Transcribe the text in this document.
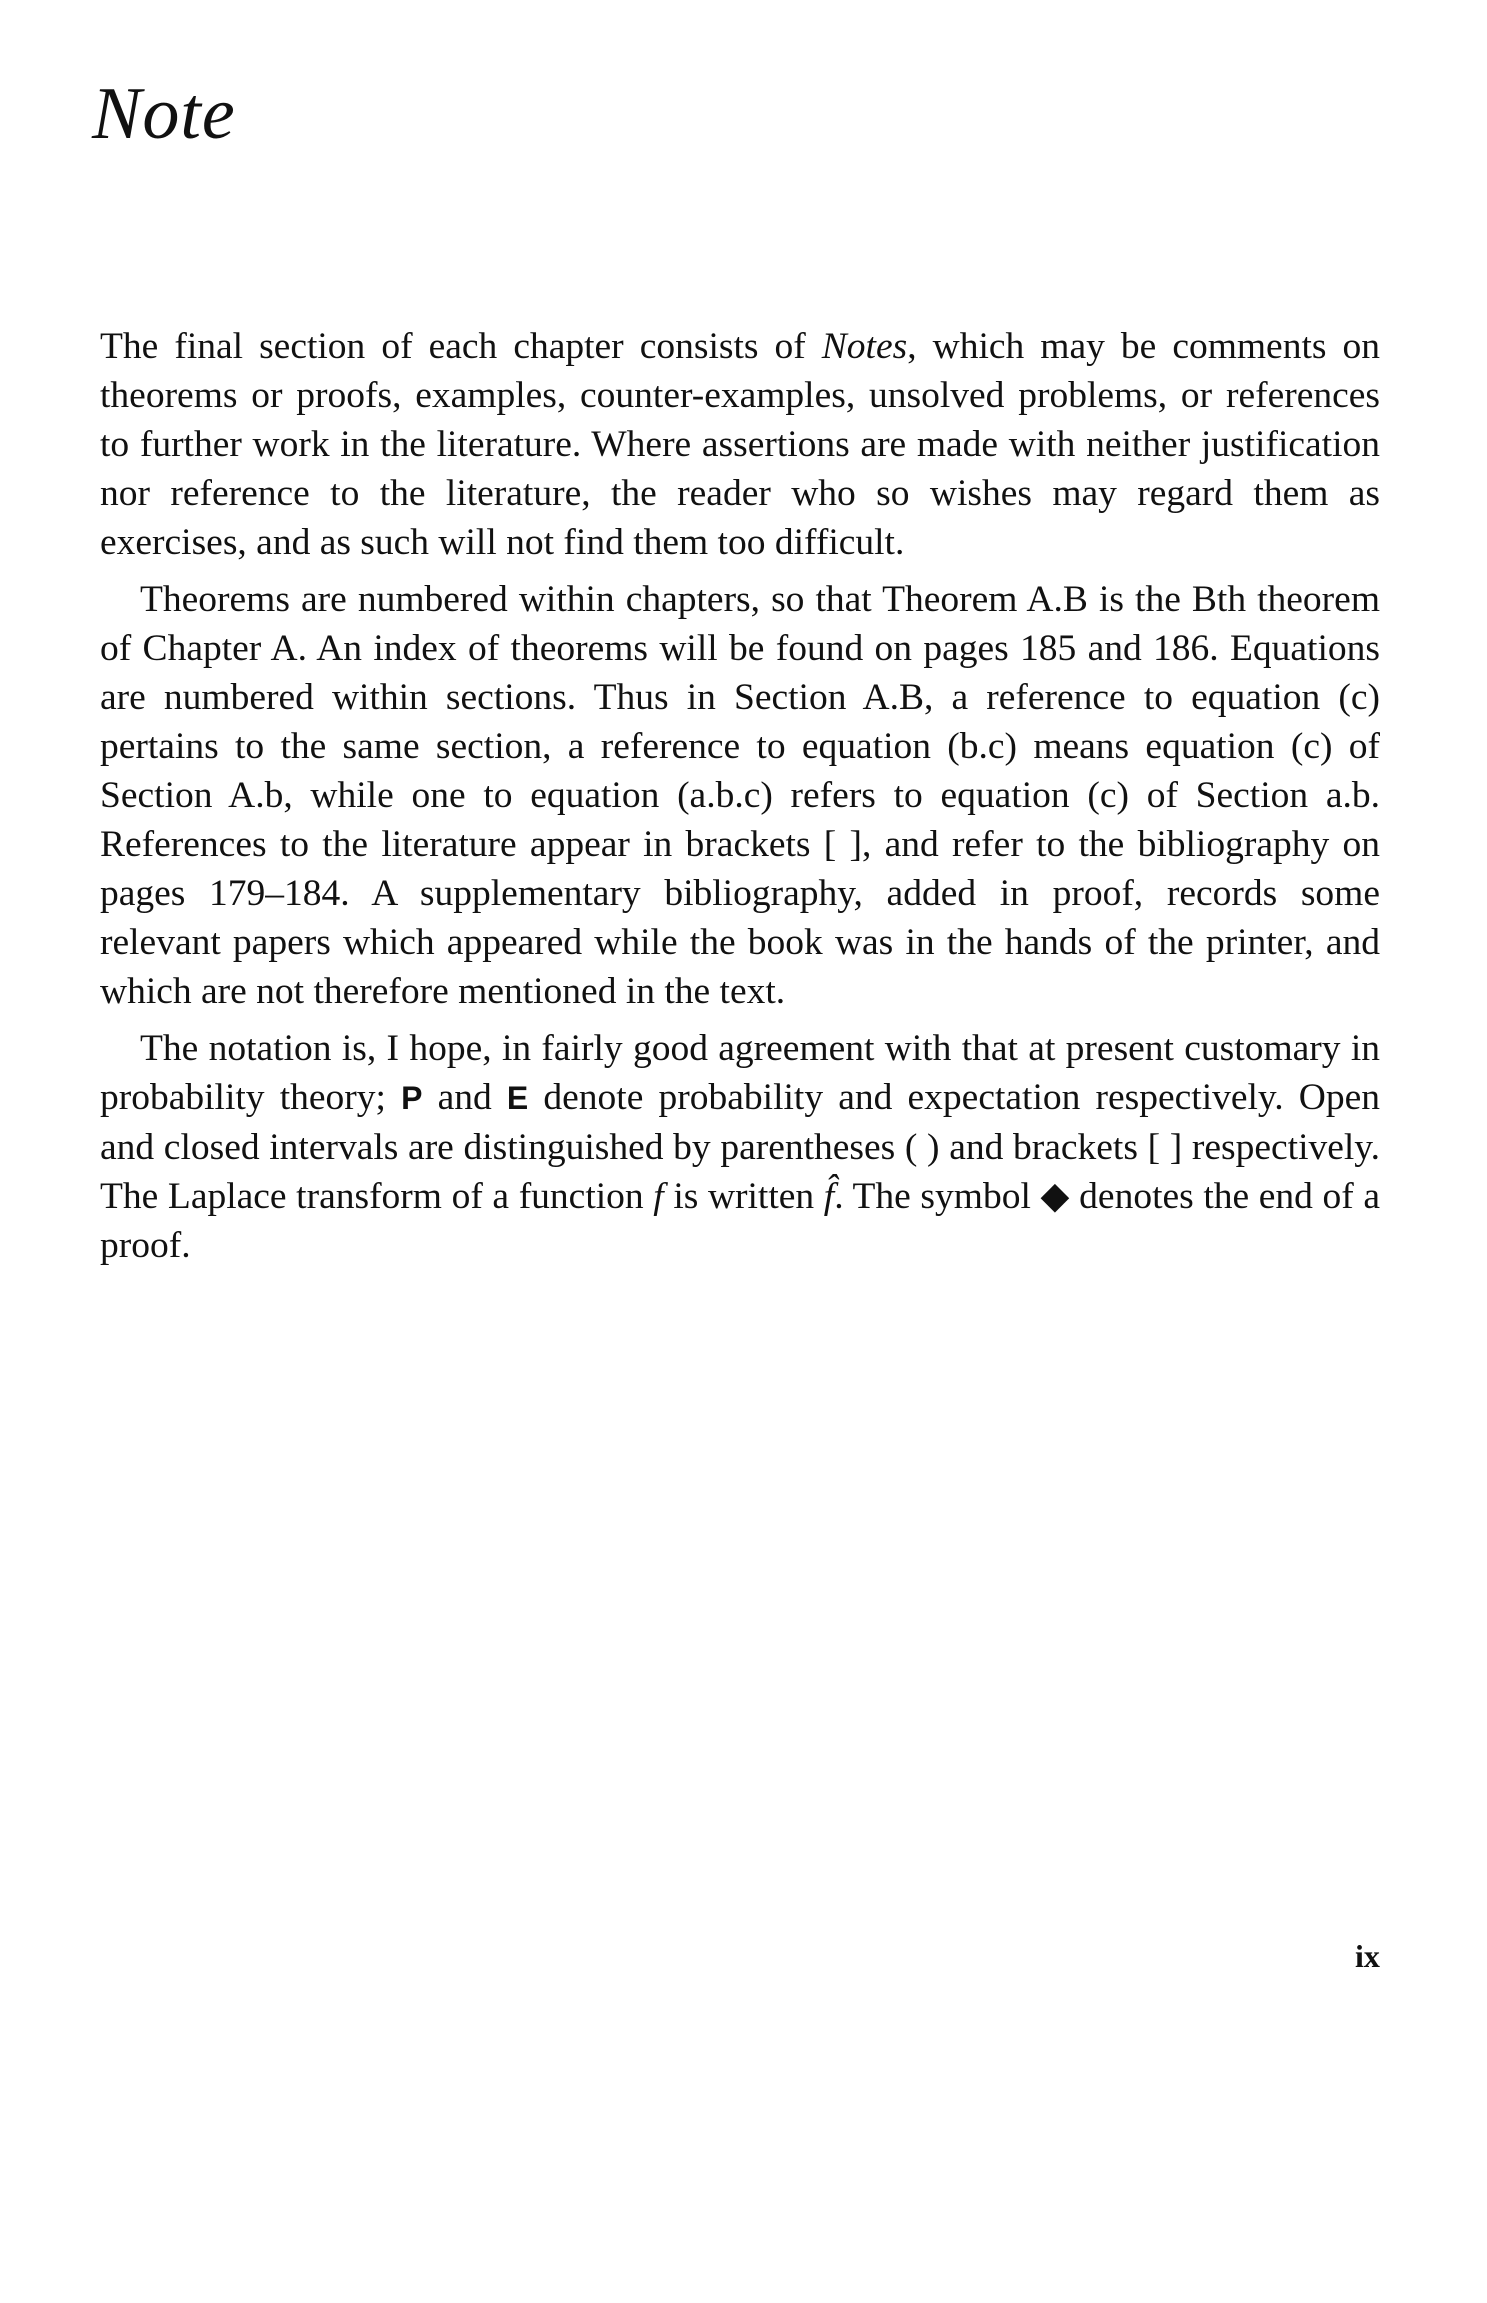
Note

The final section of each chapter consists of Notes, which may be comments on theorems or proofs, examples, counter-examples, unsolved problems, or references to further work in the literature. Where assertions are made with neither justification nor reference to the literature, the reader who so wishes may regard them as exercises, and as such will not find them too difficult.

Theorems are numbered within chapters, so that Theorem A.B is the Bth theorem of Chapter A. An index of theorems will be found on pages 185 and 186. Equations are numbered within sections. Thus in Section A.B, a reference to equation (c) pertains to the same section, a reference to equation (b.c) means equation (c) of Section A.b, while one to equation (a.b.c) refers to equation (c) of Section a.b. References to the literature appear in brackets [ ], and refer to the bibliography on pages 179–184. A supplementary bibliography, added in proof, records some relevant papers which appeared while the book was in the hands of the printer, and which are not therefore mentioned in the text.

The notation is, I hope, in fairly good agreement with that at present customary in probability theory; P and E denote probability and expectation respectively. Open and closed intervals are distinguished by parentheses ( ) and brackets [ ] respectively. The Laplace transform of a function f is written f̂. The symbol ◆ denotes the end of a proof.

ix
